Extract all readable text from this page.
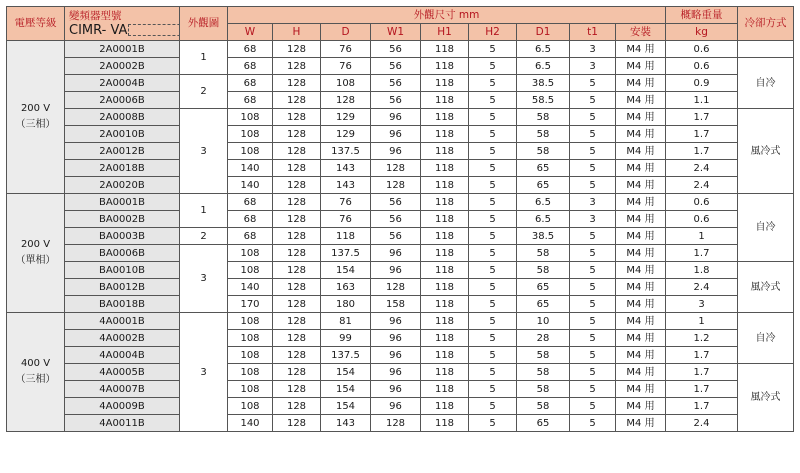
電壓等級	變頻器型號
CIMR- VA	外觀圖	外觀尺寸 mm									概略重量	冷卻方式
			W	H	D	W1	H1	H2	D1	t1	安裝	kg	

200 V
（三相）	2A0001B	1	68	128	76	56	118	5	6.5	3	M4 用	0.6	
	2A0002B		68	128	76	56	118	5	6.5	3	M4 用	0.6	自冷
	2A0004B	2	68	128	108	56	118	5	38.5	5	M4 用	0.9	
	2A0006B		68	128	128	56	118	5	58.5	5	M4 用	1.1	
	2A0008B	3	108	128	129	96	118	5	58	5	M4 用	1.7	風冷式
	2A0010B		108	128	129	96	118	5	58	5	M4 用	1.7	
	2A0012B		108	128	137.5	96	118	5	58	5	M4 用	1.7	
	2A0018B		140	128	143	128	118	5	65	5	M4 用	2.4	
	2A0020B		140	128	143	128	118	5	65	5	M4 用	2.4	

200 V
（單相）	BA0001B	1	68	128	76	56	118	5	6.5	3	M4 用	0.6	自冷
	BA0002B		68	128	76	56	118	5	6.5	3	M4 用	0.6	
	BA0003B	2	68	128	118	56	118	5	38.5	5	M4 用	1	
	BA0006B	3	108	128	137.5	96	118	5	58	5	M4 用	1.7	
	BA0010B		108	128	154	96	118	5	58	5	M4 用	1.8	風冷式
	BA0012B		140	128	163	128	118	5	65	5	M4 用	2.4	
	BA0018B		170	128	180	158	118	5	65	5	M4 用	3	

400 V
（三相）	4A0001B	3	108	128	81	96	118	5	10	5	M4 用	1	自冷
	4A0002B		108	128	99	96	118	5	28	5	M4 用	1.2	
	4A0004B		108	128	137.5	96	118	5	58	5	M4 用	1.7	
	4A0005B		108	128	154	96	118	5	58	5	M4 用	1.7	風冷式
	4A0007B		108	128	154	96	118	5	58	5	M4 用	1.7	
	4A0009B		108	128	154	96	118	5	58	5	M4 用	1.7	
	4A0011B		140	128	143	128	118	5	65	5	M4 用	2.4	
